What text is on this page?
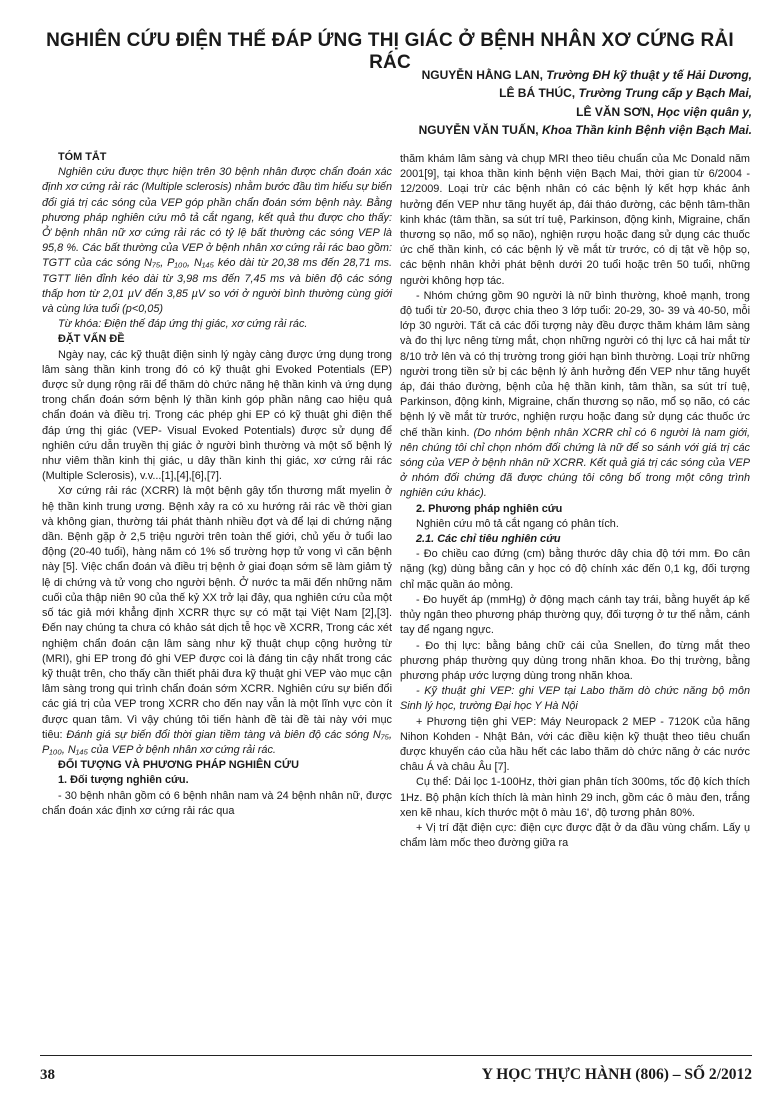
NGHIÊN CỨU ĐIỆN THẾ ĐÁP ỨNG THỊ GIÁC Ở BỆNH NHÂN XƠ CỨNG RẢI RÁC
NGUYỄN HẰNG LAN, Trường ĐH kỹ thuật y tế Hải Dương,
LÊ BÁ THÚC, Trường Trung cấp y Bạch Mai,
LÊ VĂN SƠN, Học viện quân y,
NGUYỄN VĂN TUẤN, Khoa Thần kinh Bệnh viện Bạch Mai.

TÓM TẮT

Nghiên cứu được thực hiện trên 30 bệnh nhân được chẩn đoán xác định xơ cứng rải rác (Multiple sclerosis) nhằm bước đầu tìm hiểu sự biến đổi giá trị các sóng của VEP góp phần chẩn đoán sớm bệnh này. Bằng phương pháp nghiên cứu mô tả cắt ngang, kết quả thu được cho thấy: Ở bệnh nhân nữ xơ cứng rải rác có tỷ lệ bất thường các sóng VEP là 95,8 %. Các bất thường của VEP ở bệnh nhân xơ cứng rải rác bao gồm: TGTT của các sóng N₇₅, P₁₀₀, N₁₄₅ kéo dài từ 20,38 ms đến 28,71 ms. TGTT liên đỉnh kéo dài từ 3,98 ms đến 7,45 ms và biên độ các sóng thấp hơn từ 2,01 µV đến 3,85 µV so với ở người bình thường cùng giới và cùng lứa tuổi (p<0,05)

Từ khóa: Điện thế đáp ứng thị giác, xơ cứng rải rác.

ĐẶT VẤN ĐỀ

Ngày nay, các kỹ thuật điện sinh lý ngày càng được ứng dụng trong lâm sàng thần kinh trong đó có kỹ thuật ghi Evoked Potentials (EP) được sử dụng rộng rãi để thăm dò chức năng hệ thần kinh và ứng dụng trong chẩn đoán sớm bệnh lý thần kinh góp phần nâng cao hiệu quả chẩn đoán và điều trị. Trong các phép ghi EP có kỹ thuật ghi điện thế đáp ứng thị giác (VEP- Visual Evoked Potentials) được sử dụng để nghiên cứu dẫn truyền thị giác ở người bình thường và một số bệnh lý như viêm thần kinh thị giác, u dây thần kinh thị giác, xơ cứng rải rác (Multiple Sclerosis), v.v...[1],[4],[6],[7].

Xơ cứng rải rác (XCRR) là một bệnh gây tổn thương mất myelin ở hệ thần kinh trung ương. Bệnh xảy ra có xu hướng rải rác về thời gian và không gian, thường tái phát thành nhiều đợt và để lại di chứng nặng dần. Bệnh gặp ở 2,5 triệu người trên toàn thế giới, chủ yếu ở tuổi lao động (20-40 tuổi), hàng năm có 1% số trường hợp tử vong vì căn bệnh này [5]. Việc chẩn đoán và điều trị bệnh ở giai đoạn sớm sẽ làm giảm tỷ lệ di chứng và tử vong cho người bệnh. Ở nước ta mãi đến những năm cuối của thập niên 90 của thế kỷ XX trở lại đây, qua nghiên cứu của một số tác giả mới khẳng định XCRR thực sự có mặt tại Việt Nam [2],[3]. Đến nay chúng ta chưa có khảo sát dịch tễ học về XCRR, Trong các xét nghiệm chẩn đoán cận lâm sàng như kỹ thuật chụp cộng hưởng từ (MRI), ghi EP trong đó ghi VEP được coi là đáng tin cậy nhất trong các kỹ thuật trên, cho thấy cần thiết phải đưa kỹ thuật ghi VEP vào mục cận lâm sàng trong qui trình chẩn đoán sớm XCRR. Nghiên cứu sự biến đổi các giá trị của VEP trong XCRR cho đến nay vẫn là một lĩnh vực còn ít được quan tâm. Vì vậy chúng tôi tiến hành đề tài đề tài này với mục tiêu: Đánh giá sự biến đổi thời gian tiềm tàng và biên độ các sóng N₇₅, P₁₀₀, N₁₄₅ của VEP ở bệnh nhân xơ cứng rải rác.

ĐỐI TƯỢNG VÀ PHƯƠNG PHÁP NGHIÊN CỨU

1. Đối tượng nghiên cứu.

- 30 bệnh nhân gồm có 6 bệnh nhân nam và 24 bệnh nhân nữ, được chẩn đoán xác định xơ cứng rải rác qua

thăm khám lâm sàng và chụp MRI theo tiêu chuẩn của Mc Donald năm 2001[9], tại khoa thần kinh bệnh viện Bạch Mai, thời gian từ 6/2004 - 12/2009. Loại trừ các bệnh nhân có các bệnh lý kết hợp khác ảnh hưởng đến VEP như tăng huyết áp, đái tháo đường, các bệnh tâm-thần kinh khác (tâm thần, sa sút trí tuệ, Parkinson, động kinh, Migraine, chấn thương sọ não, mổ sọ não), nghiện rượu hoặc đang sử dụng các thuốc ức chế thần kinh, có các bệnh lý về mắt từ trước, có dị tật về hộp sọ, các bệnh nhân khởi phát bệnh dưới 20 tuổi hoặc trên 50 tuổi, những người không hợp tác.

- Nhóm chứng gồm 90 người là nữ bình thường, khoẻ mạnh, trong độ tuổi từ 20-50, được chia theo 3 lớp tuổi: 20-29, 30- 39 và 40-50, mỗi lớp 30 người. Tất cả các đối tượng này đều được thăm khám lâm sàng và đo thị lực nêng từng mắt, chọn những người có thị lực cả hai mắt từ 8/10 trở lên và có thị trường trong giới hạn bình thường. Loại trừ những người trong tiền sử bị các bệnh lý ảnh hưởng đến VEP như tăng huyết áp, đái tháo đường, bệnh của hệ thần kinh, tâm thần, sa sút trí tuệ, Parkinson, động kinh, Migraine, chấn thương sọ não, mổ sọ não, có các bệnh lý về mắt từ trước, nghiện rượu hoặc đang sử dụng các thuốc ức chế thần kinh. (Do nhóm bệnh nhân XCRR chỉ có 6 người là nam giới, nên chúng tôi chỉ chọn nhóm đối chứng là nữ để so sánh với giá trị các sóng của VEP ở bệnh nhân nữ XCRR. Kết quả giá trị các sóng của VEP ở nhóm đối chứng đã được chúng tôi công bố trong một công trình nghiên cứu khác).

2. Phương pháp nghiên cứu

Nghiên cứu mô tả cắt ngang có phân tích.

2.1. Các chỉ tiêu nghiên cứu

- Đo chiều cao đứng (cm) bằng thước dây chia độ tới mm. Đo cân nặng (kg) dùng bằng cân y học có độ chính xác đến 0,1 kg, đối tượng chỉ mặc quần áo mỏng.

- Đo huyết áp (mmHg) ở động mạch cánh tay trái, bằng huyết áp kế thủy ngân theo phương pháp thường quy, đối tượng ở tư thế nằm, cánh tay để ngang ngực.

- Đo thị lực: bằng bảng chữ cái của Snellen, đo từng mắt theo phương pháp thường quy dùng trong nhãn khoa. Đo thị trường, bằng phương pháp ước lượng dùng trong nhãn khoa.

- Kỹ thuật ghi VEP: ghi VEP tại Labo thăm dò chức năng bộ môn Sinh lý học, trường Đại học Y Hà Nội

+ Phương tiện ghi VEP: Máy Neuropack 2 MEP - 7120K của hãng Nihon Kohden - Nhật Bản, với các điều kiện kỹ thuật theo tiêu chuẩn được khuyến cáo của hầu hết các labo thăm dò chức năng ở các nước châu Á và châu Âu [7].

Cụ thể: Dải lọc 1-100Hz, thời gian phân tích 300ms, tốc độ kích thích 1Hz. Bộ phận kích thích là màn hình 29 inch, gồm các ô màu đen, trắng xen kẽ nhau, kích thước một ô màu 16', độ tương phản 80%.

+ Vị trí đặt điện cực: điện cực được đặt ở da đầu vùng chẩm. Lấy ụ chẩm làm mốc theo đường giữa ra

38	Y HỌC THỰC HÀNH (806) – SỐ 2/2012
